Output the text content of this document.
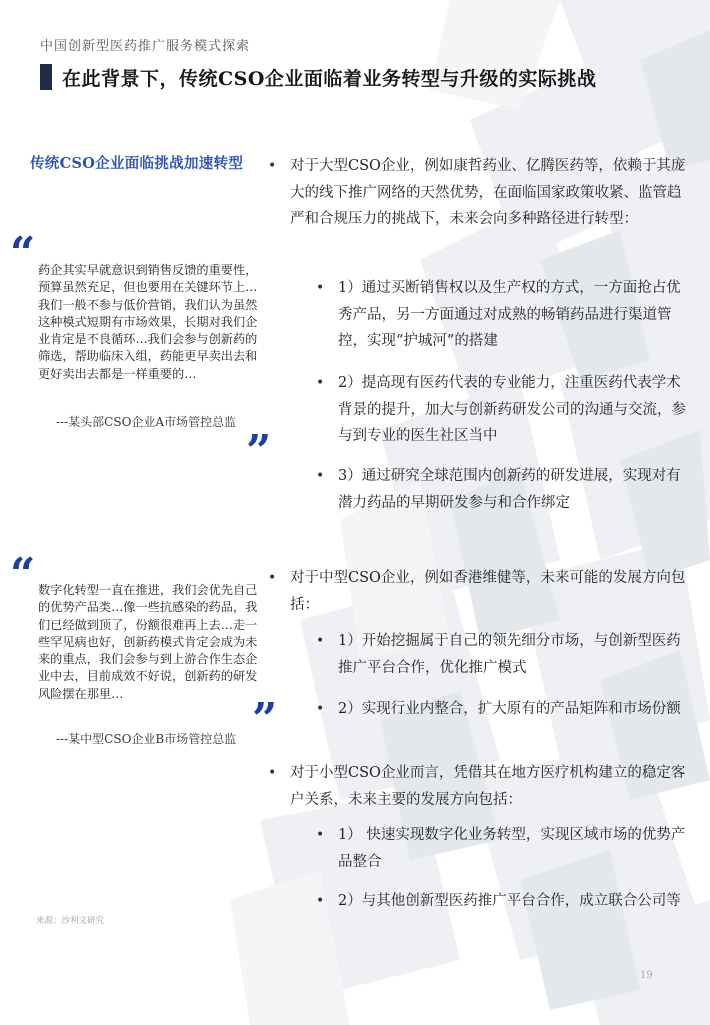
中国创新型医药推广服务模式探索
在此背景下，传统CSO企业面临着业务转型与升级的实际挑战
传统CSO企业面临挑战加速转型
“ 药企其实早就意识到销售反馈的重要性，预算虽然充足，但也要用在关键环节上…我们一般不参与低价营销，我们认为虽然这种模式短期有市场效果，长期对我们企业肯定是不良循环…我们会参与创新药的筛选，帮助临床入组，药能更早卖出去和更好卖出去都是一样重要的…
---某头部CSO企业A市场管控总监
”
“ 数字化转型一直在推进，我们会优先自己的优势产品类…像一些抗感染的药品，我们已经做到顶了，份额很难再上去…走一些罕见病也好，创新药模式肯定会成为未来的重点，我们会参与到上游合作生态企业中去，目前成效不好说，创新药的研发风险摆在那里…
”
---某中型CSO企业B市场管控总监
• 对于大型CSO企业，例如康哲药业、亿腾医药等，依赖于其庞大的线下推广网络的天然优势，在面临国家政策收紧、监管趋严和合规压力的挑战下，未来会向多种路径进行转型：
• 1）通过买断销售权以及生产权的方式，一方面抢占优秀产品，另一方面通过对成熟的畅销药品进行渠道管控，实现“护城河”的搭建
• 2）提高现有医药代表的专业能力，注重医药代表学术背景的提升，加大与创新药研发公司的沟通与交流，参与到专业的医生社区当中
• 3）通过研究全球范围内创新药的研发进展，实现对有潜力药品的早期研发参与和合作绑定
• 对于中型CSO企业，例如香港维健等，未来可能的发展方向包括：
• 1）开始挖掘属于自己的领先细分市场，与创新型医药推广平台合作，优化推广模式
• 2）实现行业内整合，扩大原有的产品矩阵和市场份额
• 对于小型CSO企业而言，凭借其在地方医疗机构建立的稳定客户关系，未来主要的发展方向包括：
• 1） 快速实现数字化业务转型，实现区域市场的优势产品整合
• 2）与其他创新型医药推广平台合作，成立联合公司等
来源：沙利文研究
19
